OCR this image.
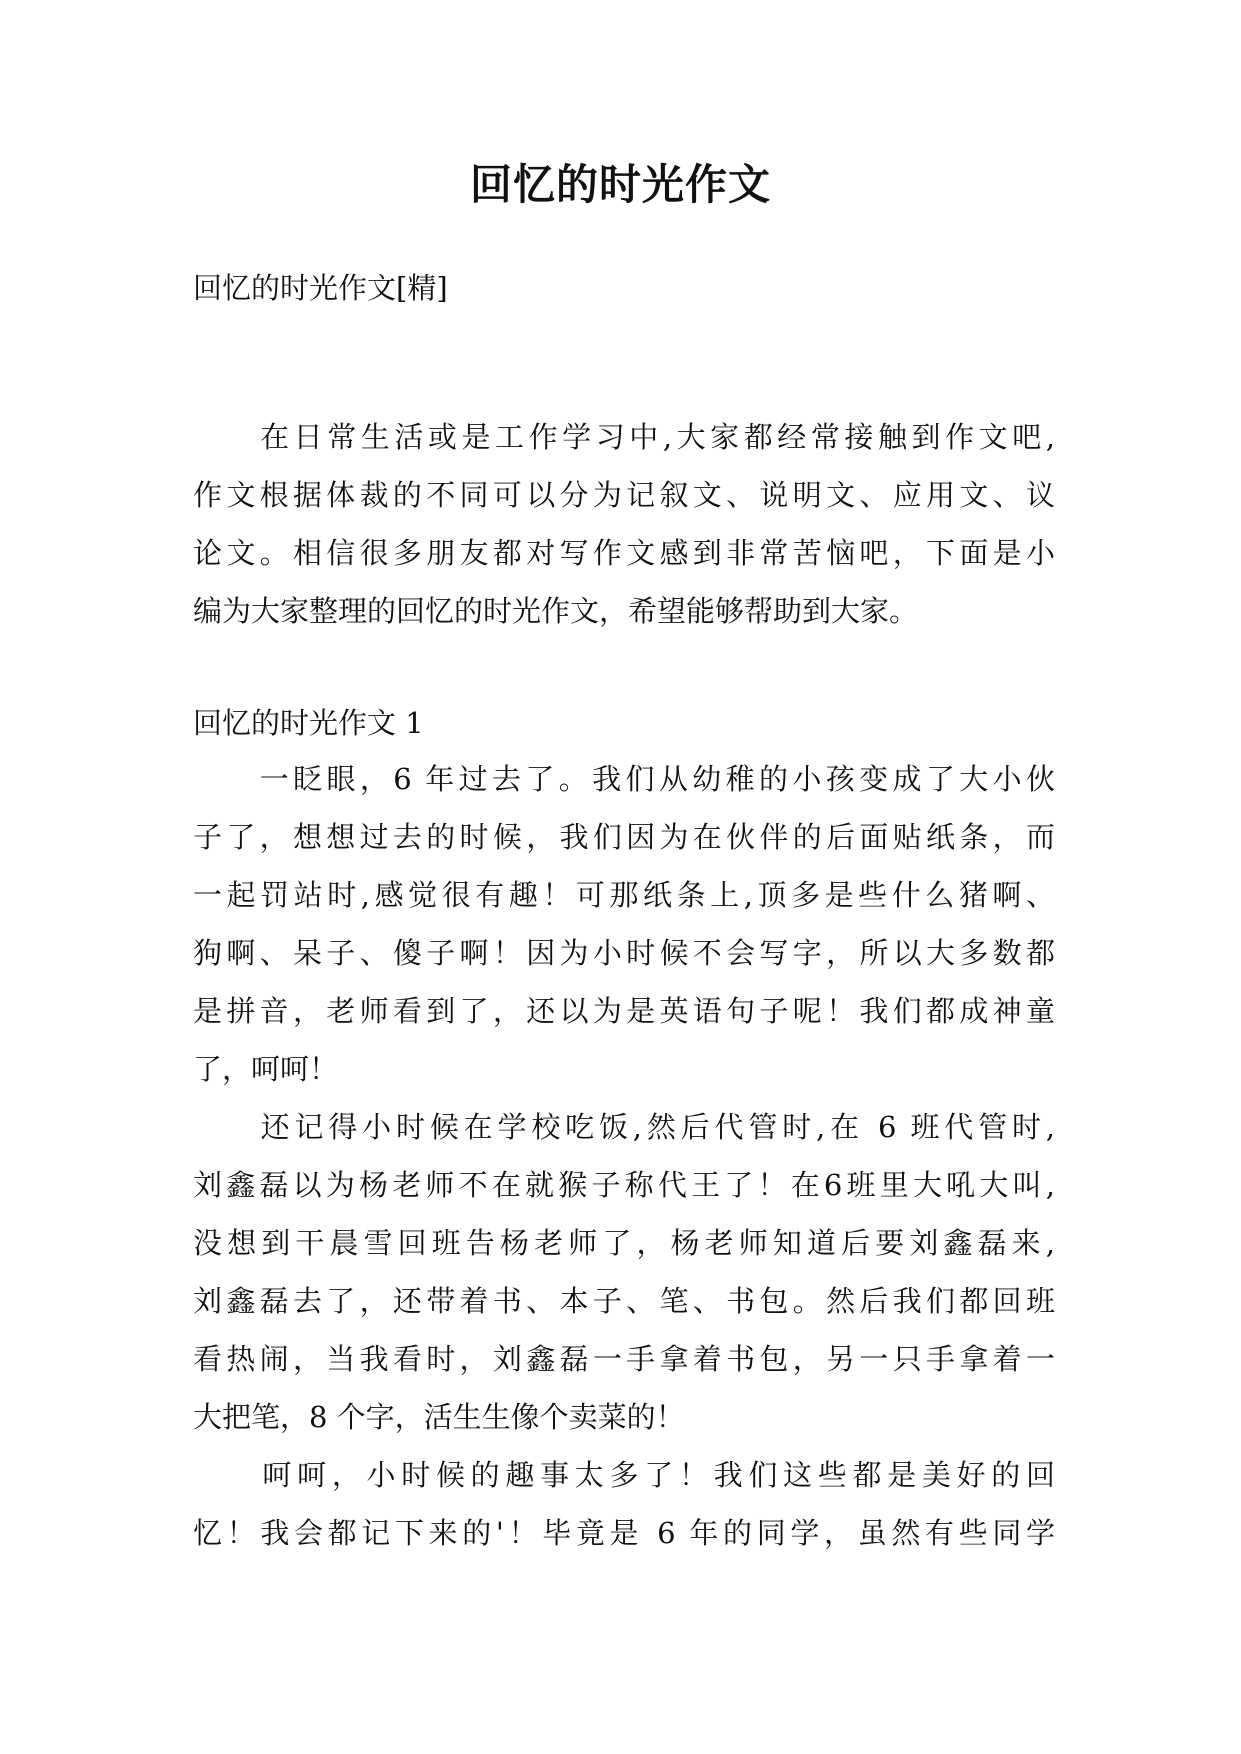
回忆的时光作文
回忆的时光作文[精]
　　在日常生活或是工作学习中,大家都经常接触到作文吧,
作文根据体裁的不同可以分为记叙文、说明文、应用文、议
论文。相信很多朋友都对写作文感到非常苦恼吧，下面是小
编为大家整理的回忆的时光作文，希望能够帮助到大家。
回忆的时光作文 1
　　一眨眼，6 年过去了。我们从幼稚的小孩变成了大小伙
子了，想想过去的时候，我们因为在伙伴的后面贴纸条，而
一起罚站时,感觉很有趣！可那纸条上,顶多是些什么猪啊、
狗啊、呆子、傻子啊！因为小时候不会写字，所以大多数都
是拼音，老师看到了，还以为是英语句子呢！我们都成神童
了，呵呵！
　　还记得小时候在学校吃饭,然后代管时,在 6 班代管时,
刘鑫磊以为杨老师不在就猴子称代王了！在6班里大吼大叫,
没想到干晨雪回班告杨老师了，杨老师知道后要刘鑫磊来,
刘鑫磊去了，还带着书、本子、笔、书包。然后我们都回班
看热闹，当我看时，刘鑫磊一手拿着书包，另一只手拿着一
大把笔，8 个字，活生生像个卖菜的！
　　呵呵，小时候的趣事太多了！我们这些都是美好的回
忆！我会都记下来的'！毕竟是 6 年的同学，虽然有些同学
